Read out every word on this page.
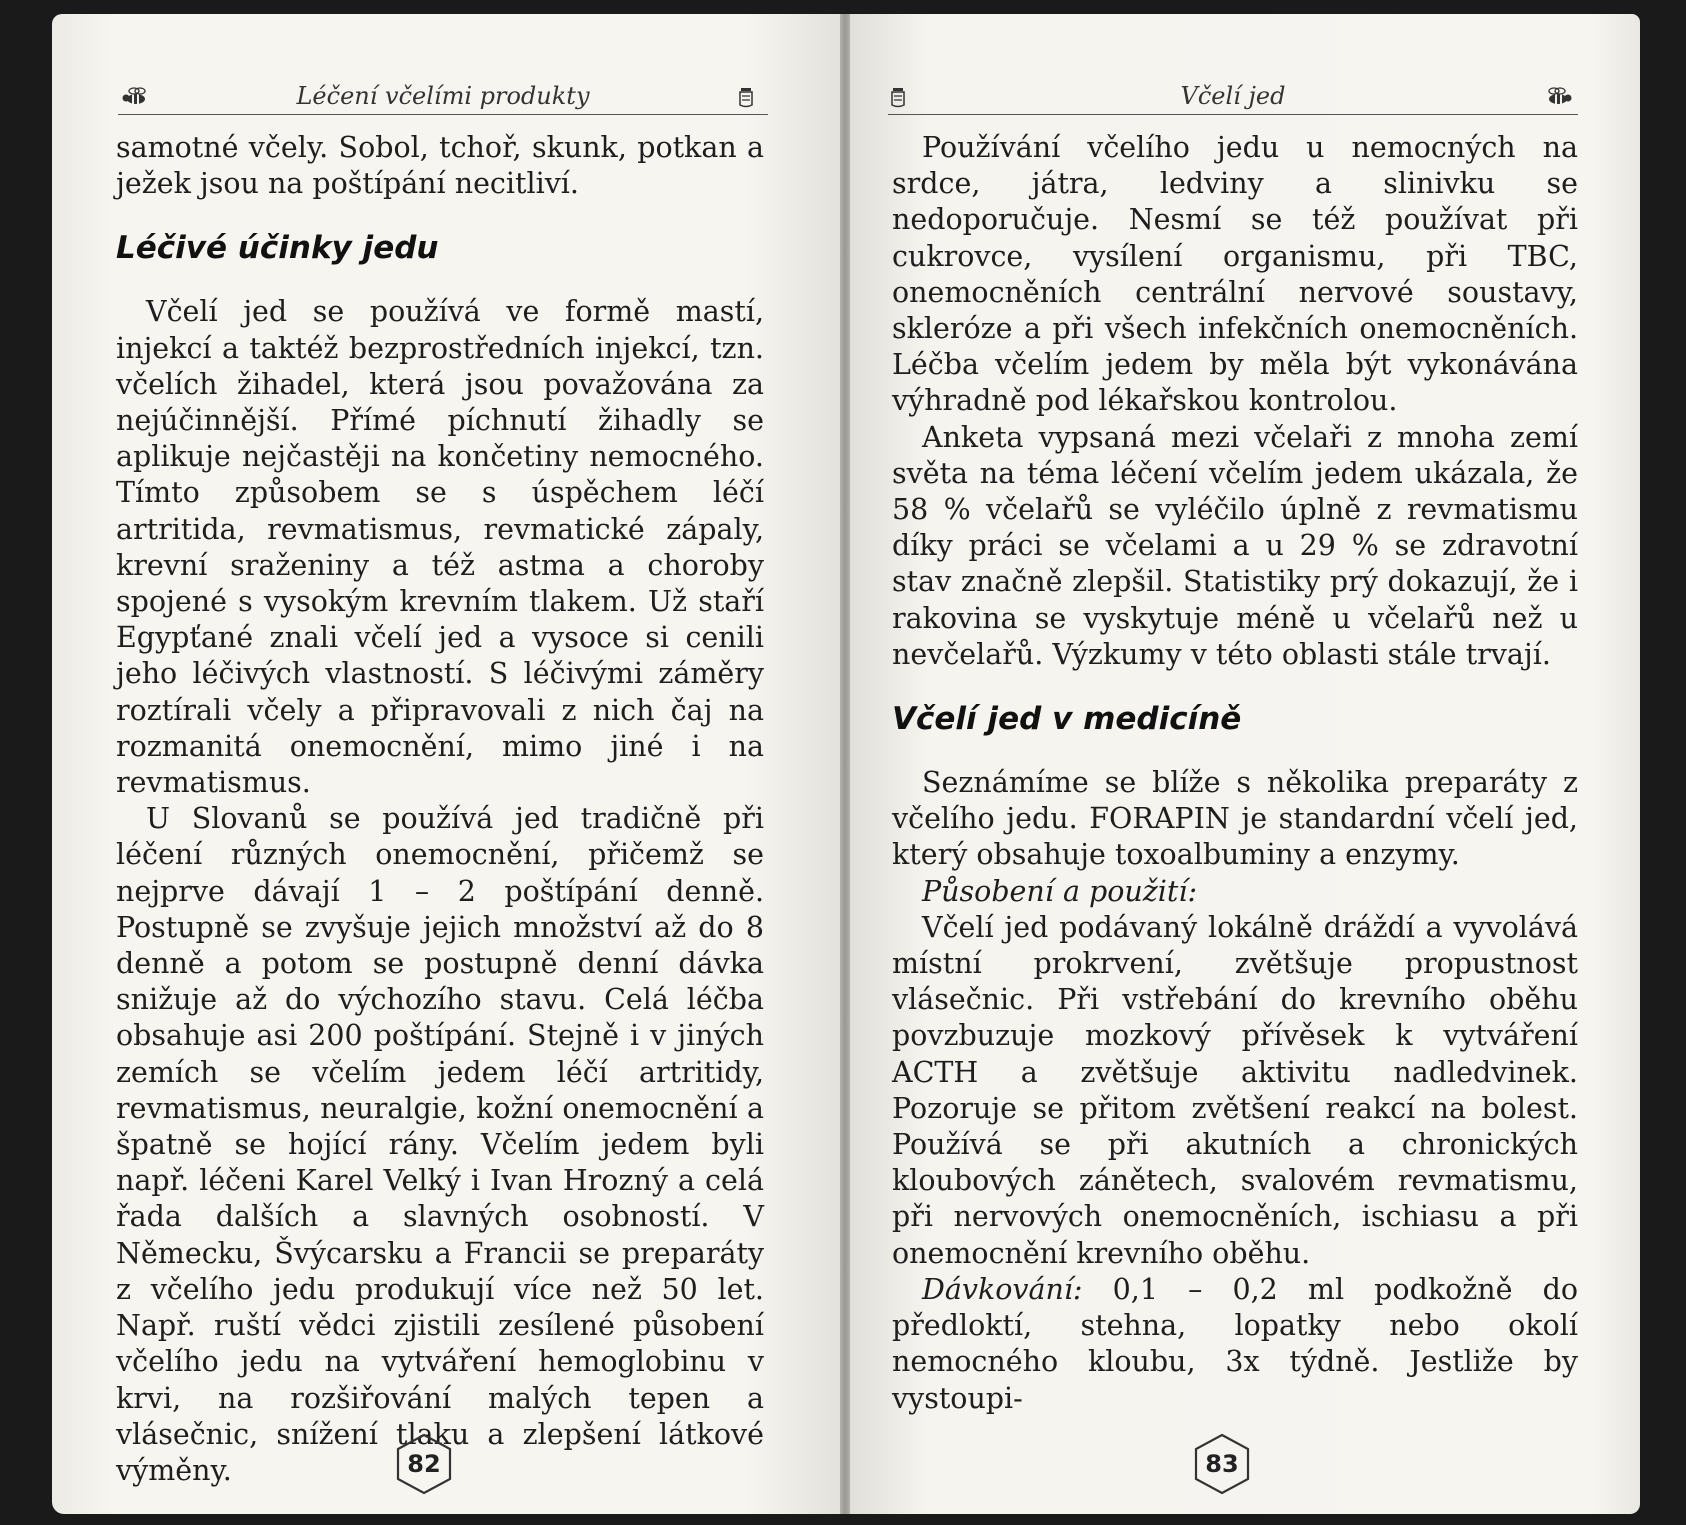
Léčení včelími produkty

samotné včely. Sobol, tchoř, skunk, potkan a ježek jsou na poštípání necitliví.

Léčivé účinky jedu

Včelí jed se používá ve formě mastí, injekcí a taktéž bezprostředních injekcí, tzn. včelích žihadel, která jsou považována za nejúčinnější. Přímé píchnutí žihadly se aplikuje nejčastěji na končetiny nemocného. Tímto způsobem se s úspěchem léčí artritida, revmatismus, revmatické zápaly, krevní sraženiny a též astma a choroby spojené s vysokým krevním tlakem. Už staří Egypťané znali včelí jed a vysoce si cenili jeho léčivých vlastností. S léčivými záměry roztírali včely a připravovali z nich čaj na rozmanitá onemocnění, mimo jiné i na revmatismus.

U Slovanů se používá jed tradičně při léčení různých onemocnění, přičemž se nejprve dávají 1 – 2 poštípání denně. Postupně se zvyšuje jejich množství až do 8 denně a potom se postupně denní dávka snižuje až do výchozího stavu. Celá léčba obsahuje asi 200 poštípání. Stejně i v jiných zemích se včelím jedem léčí artritidy, revmatismus, neuralgie, kožní onemocnění a špatně se hojící rány. Včelím jedem byli např. léčeni Karel Velký i Ivan Hrozný a celá řada dalších a slavných osobností. V Německu, Švýcarsku a Francii se preparáty z včelího jedu produkují více než 50 let. Např. ruští vědci zjistili zesílené působení včelího jedu na vytváření hemoglobinu v krvi, na rozšiřování malých tepen a vlásečnic, snížení tlaku a zlepšení látkové výměny.	82
Včelí jed

Používání včelího jedu u nemocných na srdce, játra, ledviny a slinivku se nedoporučuje. Nesmí se též používat při cukrovce, vysílení organismu, při TBC, onemocněních centrální nervové soustavy, skleróze a při všech infekčních onemocněních. Léčba včelím jedem by měla být vykonávána výhradně pod lékařskou kontrolou.

Anketa vypsaná mezi včelaři z mnoha zemí světa na téma léčení včelím jedem ukázala, že 58 % včelařů se vyléčilo úplně z revmatismu díky práci se včelami a u 29 % se zdravotní stav značně zlepšil. Statistiky prý dokazují, že i rakovina se vyskytuje méně u včelařů než u nevčelařů. Výzkumy v této oblasti stále trvají.

Včelí jed v medicíně

Seznámíme se blíže s několika preparáty z včelího jedu. FORAPIN je standardní včelí jed, který obsahuje toxoalbuminy a enzymy.

Působení a použití:

Včelí jed podávaný lokálně dráždí a vyvolává místní prokrvení, zvětšuje propustnost vlásečnic. Při vstřebání do krevního oběhu povzbuzuje mozkový přívěsek k vytváření ACTH a zvětšuje aktivitu nadledvinek. Pozoruje se přitom zvětšení reakcí na bolest. Používá se při akutních a chronických kloubových zánětech, svalovém revmatismu, při nervových onemocněních, ischiasu a při onemocnění krevního oběhu.

Dávkování: 0,1 – 0,2 ml podkožně do předloktí, stehna, lopatky nebo okolí nemocného kloubu, 3x týdně. Jestliže by vystoupi-

83
